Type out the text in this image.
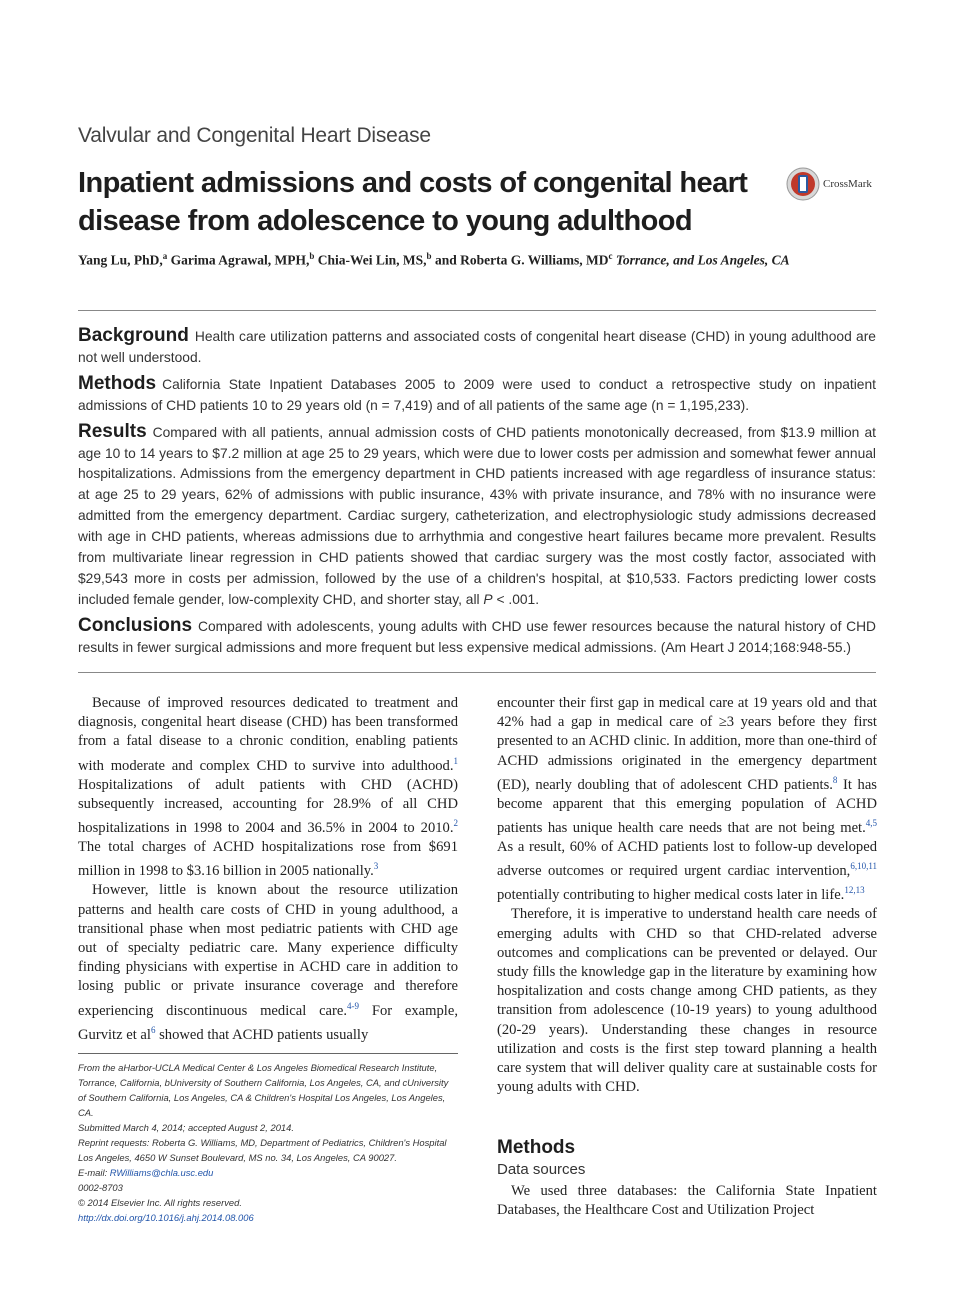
Valvular and Congenital Heart Disease
Inpatient admissions and costs of congenital heart disease from adolescence to young adulthood
CrossMark
Yang Lu, PhD,$^a$ Garima Agrawal, MPH,$^b$ Chia-Wei Lin, MS,$^b$ and Roberta G. Williams, $MD^c$ Torrance, and Los Angeles, CA

Background Health care utilization patterns and associated costs of congenital heart disease (CHD) in young adulthood are not well understood.

Methods California State Inpatient Databases 2005 to 2009 were used to conduct a retrospective study on inpatient admissions of CHD patients 10 to 29 years old (n = 7,419) and of all patients of the same age (n = 1,195,233).

Results Compared with all patients, annual admission costs of CHD patients monotonically decreased, from $13.9 million at age 10 to 14 years to $7.2 million at age 25 to 29 years, which were due to lower costs per admission and somewhat fewer annual hospitalizations. Admissions from the emergency department in CHD patients increased with age regardless of insurance status: at age 25 to 29 years, 62% of admissions with public insurance, 43% with private insurance, and 78% with no insurance were admitted from the emergency department. Cardiac surgery, catheterization, and electrophysiologic study admissions decreased with age in CHD patients, whereas admissions due to arrhythmia and congestive heart failures became more prevalent. Results from multivariate linear regression in CHD patients showed that cardiac surgery was the most costly factor, associated with $29,543 more in costs per admission, followed by the use of a children's hospital, at $10,533. Factors predicting lower costs included female gender, low-complexity CHD, and shorter stay, all P < .001.

Conclusions Compared with adolescents, young adults with CHD use fewer resources because the natural history of CHD results in fewer surgical admissions and more frequent but less expensive medical admissions. (Am Heart J 2014;168:948-55.)

Because of improved resources dedicated to treatment and diagnosis, congenital heart disease (CHD) has been transformed from a fatal disease to a chronic condition, enabling patients with moderate and complex CHD to survive into adulthood.$^1$ Hospitalizations of adult patients with CHD (ACHD) subsequently increased, accounting for 28.9% of all CHD hospitalizations in 1998 to 2004 and 36.5% in 2004 to 2010.$^2$ The total charges of ACHD hospitalizations rose from $691 million in 1998 to $3.16 billion in 2005 nationally.$^3$

However, little is known about the resource utilization patterns and health care costs of CHD in young adulthood, a transitional phase when most pediatric patients with CHD age out of specialty pediatric care. Many experience difficulty finding physicians with expertise in ACHD care in addition to losing public or private insurance coverage and therefore experiencing discontinuous medical care.$^{4-9}$ For example, Gurvitz et $al^6$ showed that ACHD patients usually

From the aHarbor-UCLA Medical Center & Los Angeles Biomedical Research Institute, Torrance, California, bUniversity of Southern California, Los Angeles, CA, and cUniversity of Southern California, Los Angeles, CA & Children's Hospital Los Angeles, Los Angeles, CA.
Submitted March 4, 2014; accepted August 2, 2014.
Reprint requests: Roberta G. Williams, MD, Department of Pediatrics, Children's Hospital Los Angeles, 4650 W Sunset Boulevard, MS no. 34, Los Angeles, CA 90027.
E-mail: RWilliams@chla.usc.edu
0002-8703
© 2014 Elsevier Inc. All rights reserved.
http://dx.doi.org/10.1016/j.ahj.2014.08.006

encounter their first gap in medical care at 19 years old and that 42% had a gap in medical care of ≥3 years before they first presented to an ACHD clinic. In addition, more than one-third of ACHD admissions originated in the emergency department (ED), nearly doubling that of adolescent CHD patients.$^8$ It has become apparent that this emerging population of ACHD patients has unique health care needs that are not being met.$^{4,5}$ As a result, 60% of ACHD patients lost to follow-up developed adverse outcomes or required urgent cardiac intervention,$^{6,10,11}$ potentially contributing to higher medical costs later in life.$^{12,13}$

Therefore, it is imperative to understand health care needs of emerging adults with CHD so that CHD-related adverse outcomes and complications can be prevented or delayed. Our study fills the knowledge gap in the literature by examining how hospitalization and costs change among CHD patients, as they transition from adolescence (10-19 years) to young adulthood (20-29 years). Understanding these changes in resource utilization and costs is the first step toward planning a health care system that will deliver quality care at sustainable costs for young adults with CHD.

Methods
Data sources

We used three databases: the California State Inpatient Databases, the Healthcare Cost and Utilization Project
